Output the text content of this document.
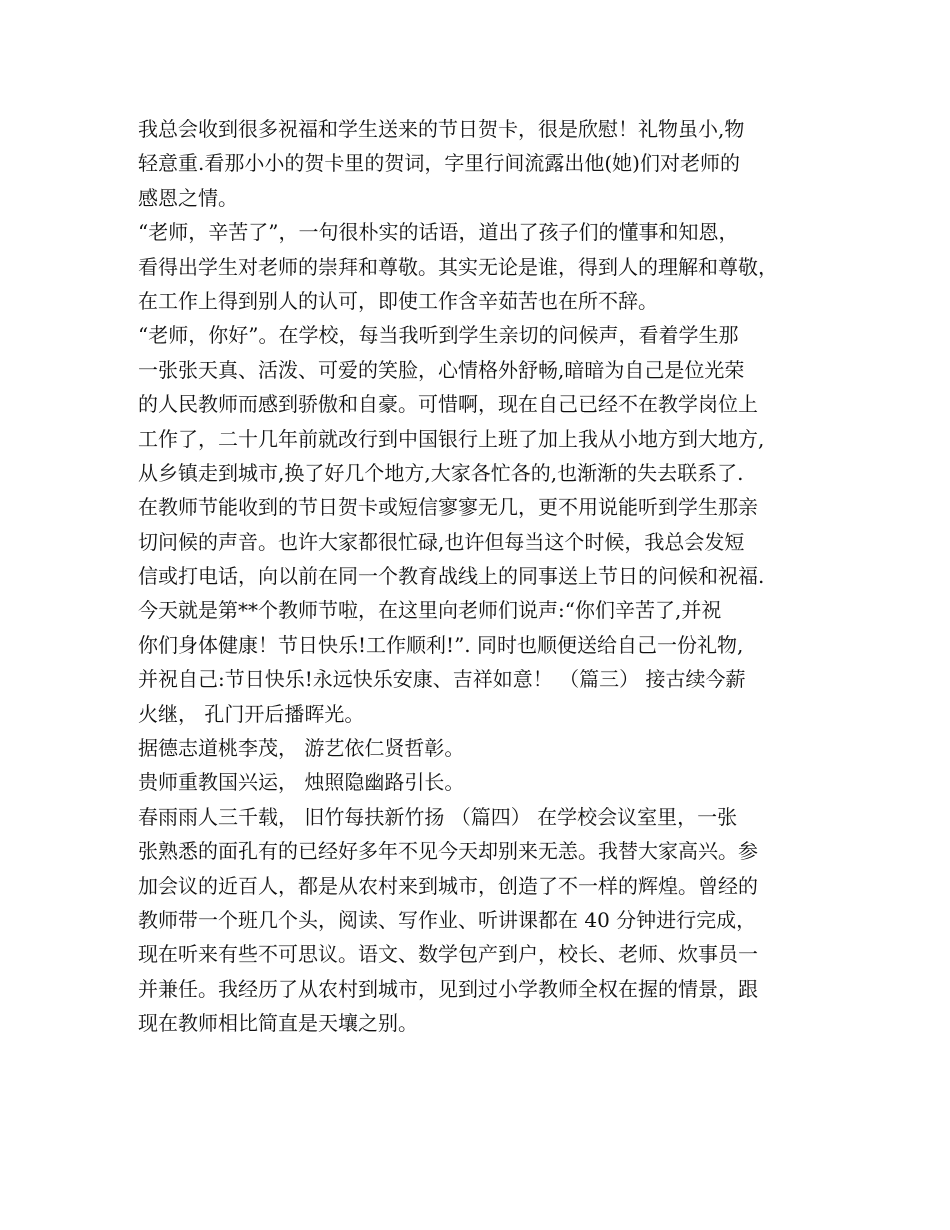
我总会收到很多祝福和学生送来的节日贺卡，很是欣慰！礼物虽小,物
轻意重.看那小小的贺卡里的贺词，字里行间流露出他(她)们对老师的
感恩之情。
“老师，辛苦了”，一句很朴实的话语，道出了孩子们的懂事和知恩，
看得出学生对老师的崇拜和尊敬。其实无论是谁，得到人的理解和尊敬，
在工作上得到别人的认可，即使工作含辛茹苦也在所不辞。
“老师，你好”。在学校，每当我听到学生亲切的问候声，看着学生那
一张张天真、活泼、可爱的笑脸，心情格外舒畅,暗暗为自己是位光荣
的人民教师而感到骄傲和自豪。可惜啊，现在自己已经不在教学岗位上
工作了，二十几年前就改行到中国银行上班了加上我从小地方到大地方,
从乡镇走到城市,换了好几个地方,大家各忙各的,也渐渐的失去联系了.
在教师节能收到的节日贺卡或短信寥寥无几，更不用说能听到学生那亲
切问候的声音。也许大家都很忙碌,也许但每当这个时候，我总会发短
信或打电话，向以前在同一个教育战线上的同事送上节日的问候和祝福.
今天就是第**个教师节啦，在这里向老师们说声:“你们辛苦了,并祝
你们身体健康！节日快乐!工作顺利!”. 同时也顺便送给自己一份礼物,
并祝自己:节日快乐!永远快乐安康、吉祥如意！ （篇三） 接古续今薪
火继， 孔门开后播晖光。
据德志道桃李茂， 游艺依仁贤哲彰。
贵师重教国兴运， 烛照隐幽路引长。
春雨雨人三千载， 旧竹每扶新竹扬 （篇四） 在学校会议室里，一张
张熟悉的面孔有的已经好多年不见今天却别来无恙。我替大家高兴。参
加会议的近百人，都是从农村来到城市，创造了不一样的辉煌。曾经的
教师带一个班几个头，阅读、写作业、听讲课都在 40 分钟进行完成，
现在听来有些不可思议。语文、数学包产到户，校长、老师、炊事员一
并兼任。我经历了从农村到城市，见到过小学教师全权在握的情景，跟
现在教师相比简直是天壤之别。
